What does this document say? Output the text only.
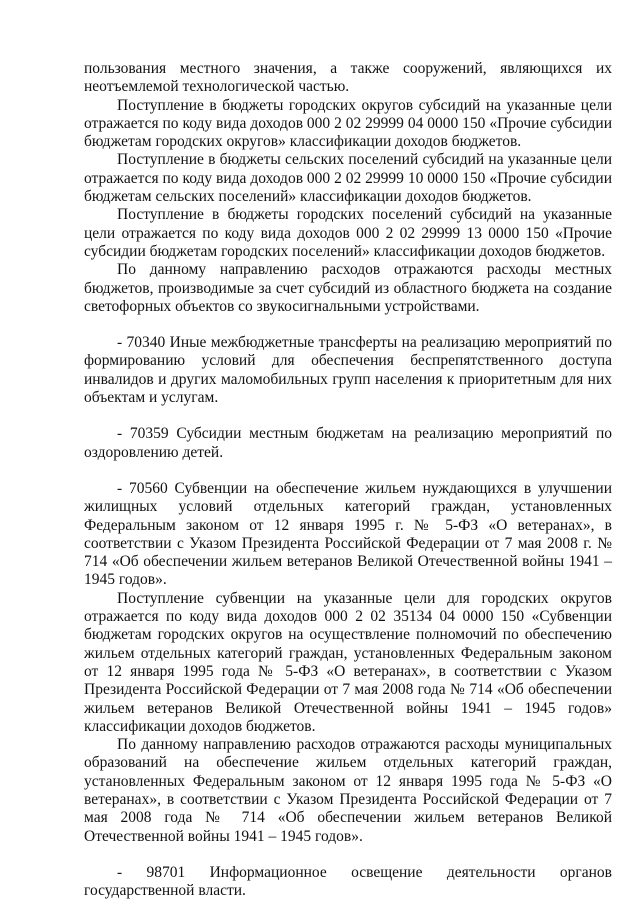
пользования местного значения, а также сооружений, являющихся их неотъемлемой технологической частью.

Поступление в бюджеты городских округов субсидий на указанные цели отражается по коду вида доходов 000 2 02 29999 04 0000 150 «Прочие субсидии бюджетам городских округов» классификации доходов бюджетов.

Поступление в бюджеты сельских поселений субсидий на указанные цели отражается по коду вида доходов 000 2 02 29999 10 0000 150 «Прочие субсидии бюджетам сельских поселений» классификации доходов бюджетов.

Поступление в бюджеты городских поселений субсидий на указанные цели отражается по коду вида доходов 000 2 02 29999 13 0000 150 «Прочие субсидии бюджетам городских поселений» классификации доходов бюджетов.

По данному направлению расходов отражаются расходы местных бюджетов, производимые за счет субсидий из областного бюджета на создание светофорных объектов со звукосигнальными устройствами.

- 70340 Иные межбюджетные трансферты на реализацию мероприятий по формированию условий для обеспечения беспрепятственного доступа инвалидов и других маломобильных групп населения к приоритетным для них объектам и услугам.

- 70359 Субсидии местным бюджетам на реализацию мероприятий по оздоровлению детей.

- 70560 Субвенции на обеспечение жильем нуждающихся в улучшении жилищных условий отдельных категорий граждан, установленных Федеральным законом от 12 января 1995 г. № 5-ФЗ «О ветеранах», в соответствии с Указом Президента Российской Федерации от 7 мая 2008 г. № 714 «Об обеспечении жильем ветеранов Великой Отечественной войны 1941 – 1945 годов».

Поступление субвенции на указанные цели для городских округов отражается по коду вида доходов 000 2 02 35134 04 0000 150 «Субвенции бюджетам городских округов на осуществление полномочий по обеспечению жильем отдельных категорий граждан, установленных Федеральным законом от 12 января 1995 года № 5-ФЗ «О ветеранах», в соответствии с Указом Президента Российской Федерации от 7 мая 2008 года № 714 «Об обеспечении жильем ветеранов Великой Отечественной войны 1941 – 1945 годов» классификации доходов бюджетов.

По данному направлению расходов отражаются расходы муниципальных образований на обеспечение жильем отдельных категорий граждан, установленных Федеральным законом от 12 января 1995 года № 5-ФЗ «О ветеранах», в соответствии с Указом Президента Российской Федерации от 7 мая 2008 года № 714 «Об обеспечении жильем ветеранов Великой Отечественной войны 1941 – 1945 годов».

- 98701 Информационное освещение деятельности органов государственной власти.
